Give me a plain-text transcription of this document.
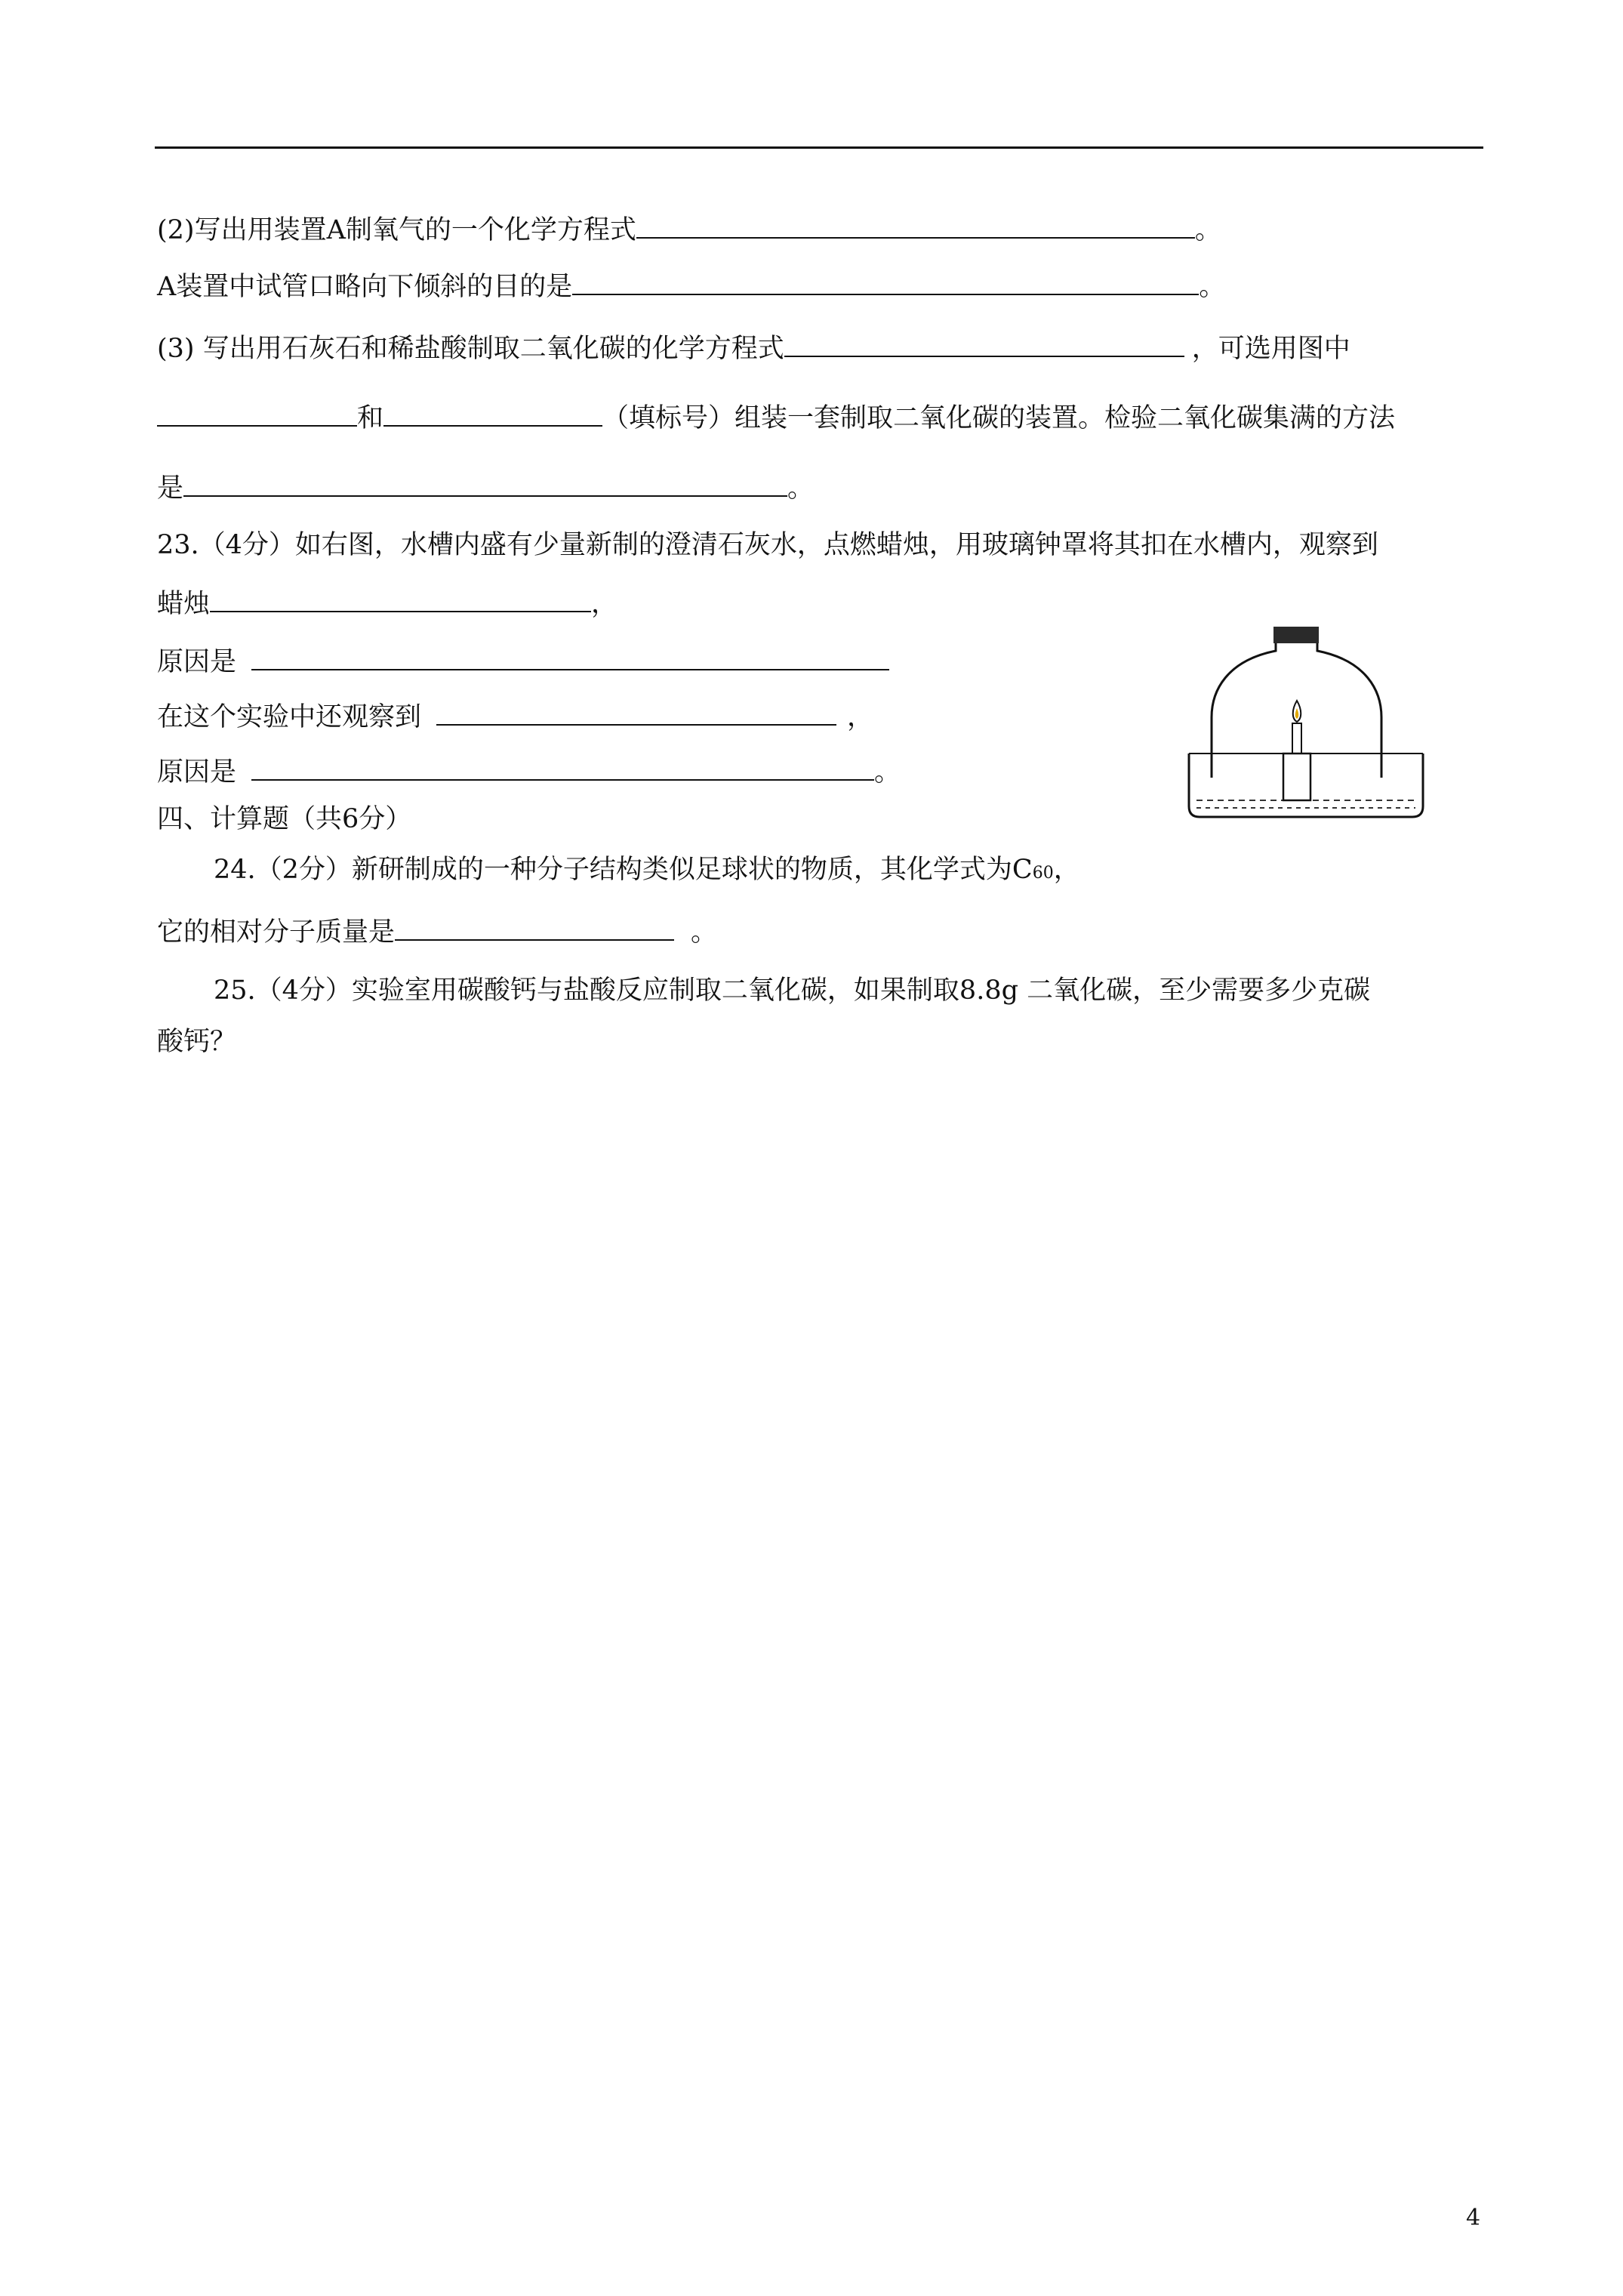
(2)写出用装置A制氧气的一个化学方程式	。
A装置中试管口略向下倾斜的目的是	。
(3) 写出用石灰石和稀盐酸制取二氧化碳的化学方程式	，可选用图中
和	（填标号）组装一套制取二氧化碳的装置。检验二氧化碳集满的方法
是	。
23.（4分）如右图，水槽内盛有少量新制的澄清石灰水，点燃蜡烛，用玻璃钟罩将其扣在水槽内，观察到
蜡烛	，
原因是
在这个实验中还观察到	，
原因是	。
四、计算题（共6分）
24.（2分）新研制成的一种分子结构类似足球状的物质，其化学式为C 60 ，
它的相对分子质量是	。
25.（4分）实验室用碳酸钙与盐酸反应制取二氧化碳，如果制取8.8g 二氧化碳，至少需要多少克碳
酸钙？
4
